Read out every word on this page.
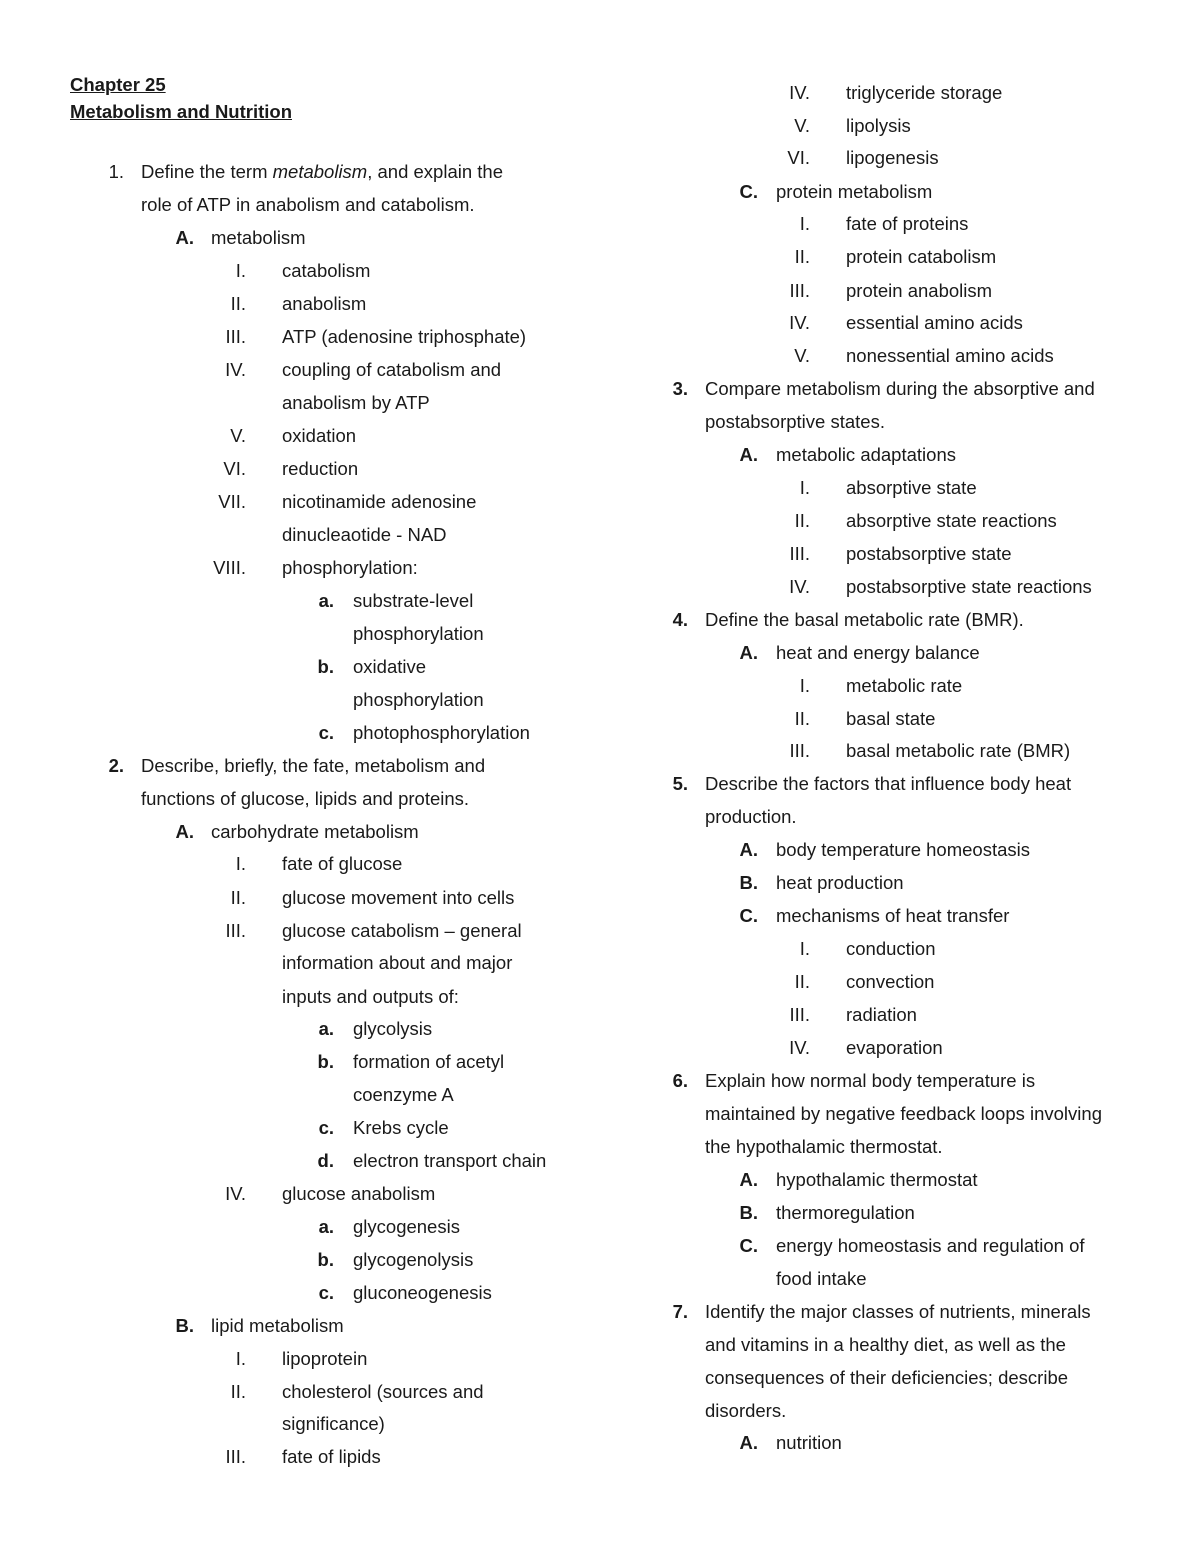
Chapter 25
Metabolism and Nutrition
1. Define the term metabolism, and explain the
role of ATP in anabolism and catabolism.
A. metabolism
I. catabolism
II. anabolism
III. ATP (adenosine triphosphate)
IV. coupling of catabolism and
anabolism by ATP
V. oxidation
VI. reduction
VII. nicotinamide adenosine
dinucleaotide - NAD
VIII. phosphorylation:
a. substrate-level
phosphorylation
b. oxidative
phosphorylation
c. photophosphorylation
2. Describe, briefly, the fate, metabolism and
functions of glucose, lipids and proteins.
A. carbohydrate metabolism
I. fate of glucose
II. glucose movement into cells
III. glucose catabolism – general
information about and major
inputs and outputs of:
a. glycolysis
b. formation of acetyl
coenzyme A
c. Krebs cycle
d. electron transport chain
IV. glucose anabolism
a. glycogenesis
b. glycogenolysis
c. gluconeogenesis
B. lipid metabolism
I. lipoprotein
II. cholesterol (sources and
significance)
III. fate of lipids
IV. triglyceride storage
V. lipolysis
VI. lipogenesis
C. protein metabolism
I. fate of proteins
II. protein catabolism
III. protein anabolism
IV. essential amino acids
V. nonessential amino acids
3. Compare metabolism during the absorptive and
postabsorptive states.
A. metabolic adaptations
I. absorptive state
II. absorptive state reactions
III. postabsorptive state
IV. postabsorptive state reactions
4. Define the basal metabolic rate (BMR).
A. heat and energy balance
I. metabolic rate
II. basal state
III. basal metabolic rate (BMR)
5. Describe the factors that influence body heat
production.
A. body temperature homeostasis
B. heat production
C. mechanisms of heat transfer
I. conduction
II. convection
III. radiation
IV. evaporation
6. Explain how normal body temperature is
maintained by negative feedback loops involving
the hypothalamic thermostat.
A. hypothalamic thermostat
B. thermoregulation
C. energy homeostasis and regulation of
food intake
7. Identify the major classes of nutrients, minerals
and vitamins in a healthy diet, as well as the
consequences of their deficiencies; describe
disorders.
A. nutrition
